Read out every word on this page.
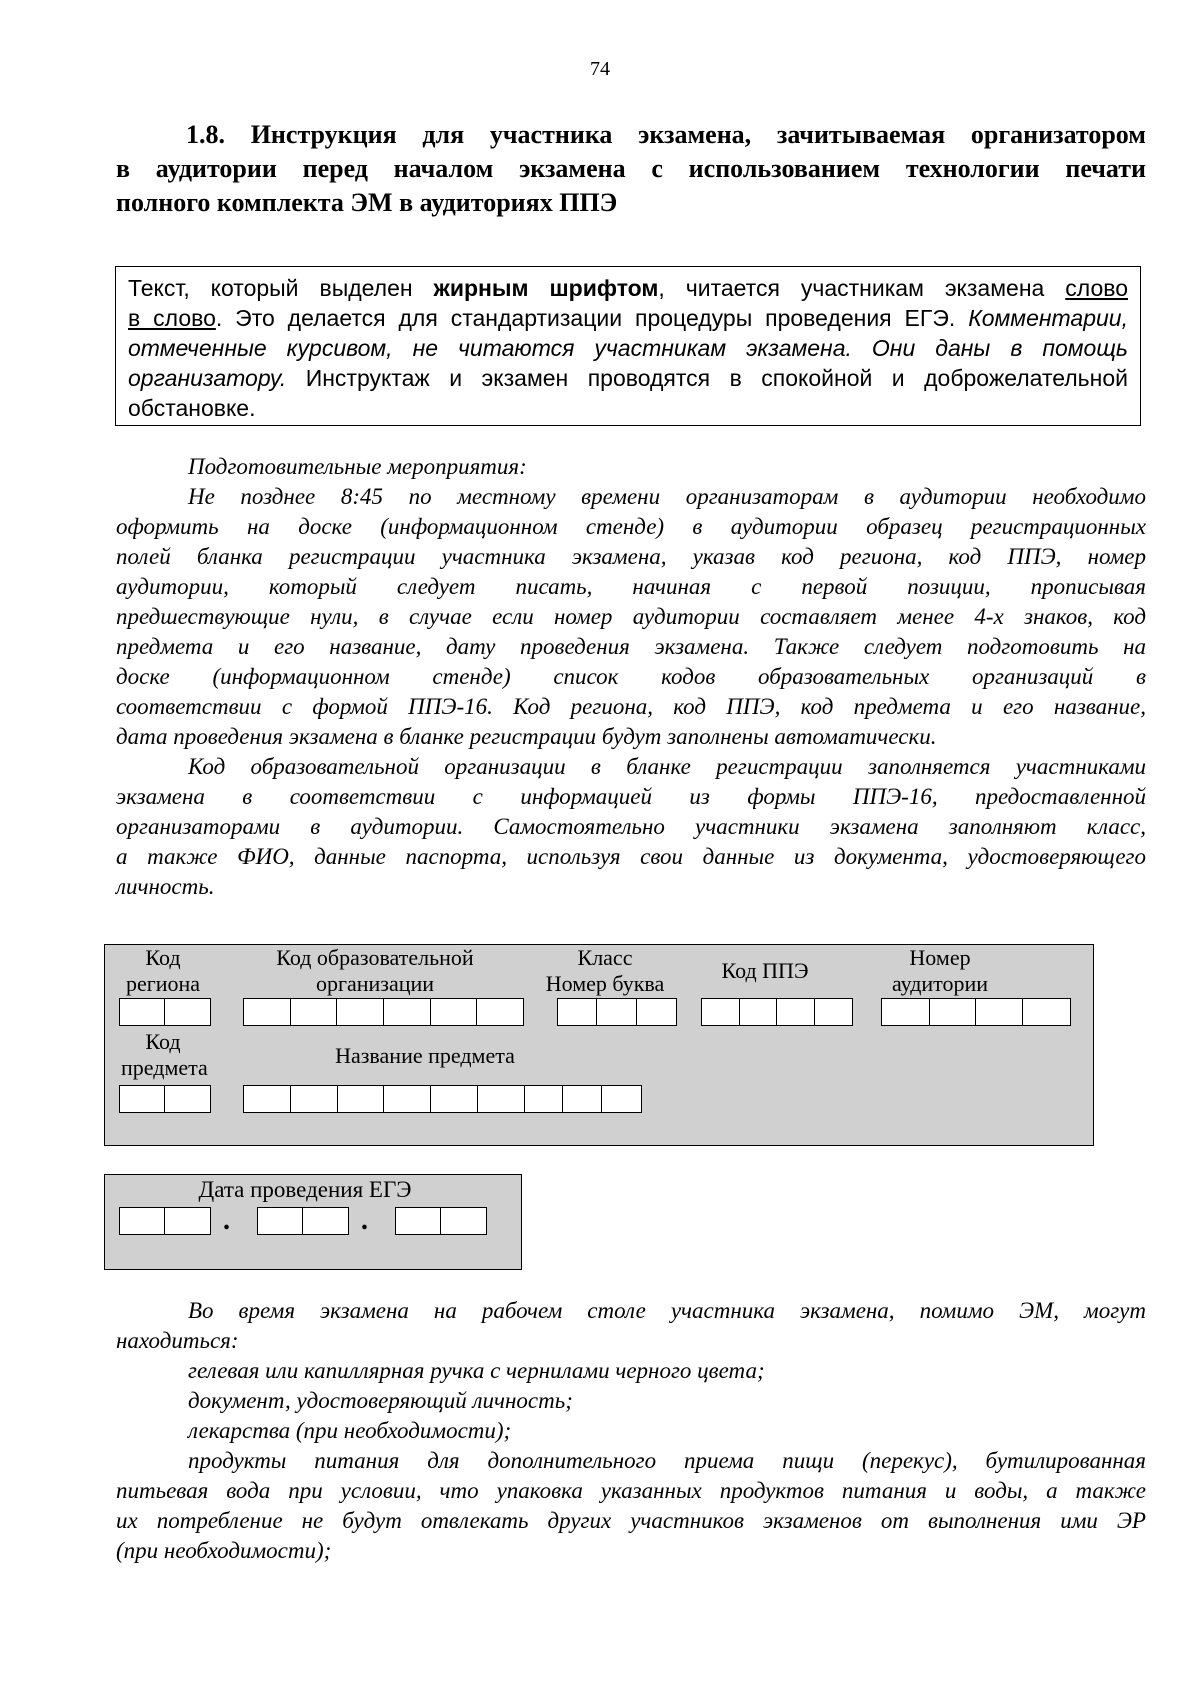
74
1.8. Инструкция для участника экзамена, зачитываемая организатором
в аудитории перед началом экзамена с использованием технологии печати
полного комплекта ЭМ в аудиториях ППЭ
Текст, который выделен жирным шрифтом, читается участникам экзамена слово
в слово. Это делается для стандартизации процедуры проведения ЕГЭ. Комментарии,
отмеченные курсивом, не читаются участникам экзамена. Они даны в помощь
организатору. Инструктаж и экзамен проводятся в спокойной и доброжелательной
обстановке.
Подготовительные мероприятия:
Не позднее 8:45 по местному времени организаторам в аудитории необходимо
оформить на доске (информационном стенде) в аудитории образец регистрационных
полей бланка регистрации участника экзамена, указав код региона, код ППЭ, номер
аудитории, который следует писать, начиная с первой позиции, прописывая
предшествующие нули, в случае если номер аудитории составляет менее 4-х знаков, код
предмета и его название, дату проведения экзамена. Также следует подготовить на
доске (информационном стенде) список кодов образовательных организаций в
соответствии с формой ППЭ-16. Код региона, код ППЭ, код предмета и его название,
дата проведения экзамена в бланке регистрации будут заполнены автоматически.
Код образовательной организации в бланке регистрации заполняется участниками
экзамена в соответствии с информацией из формы ППЭ-16, предоставленной
организаторами в аудитории. Самостоятельно участники экзамена заполняют класс,
а также ФИО, данные паспорта, используя свои данные из документа, удостоверяющего
личность.
Код
региона
Код образовательной
организации
Класс
Номер буква
Код ППЭ
Номер
аудитории
Код
предмета	Название предмета
Дата проведения ЕГЭ
.	.
Во время экзамена на рабочем столе участника экзамена, помимо ЭМ, могут
находиться:
гелевая или капиллярная ручка с чернилами черного цвета;
документ, удостоверяющий личность;
лекарства (при необходимости);
продукты питания для дополнительного приема пищи (перекус), бутилированная
питьевая вода при условии, что упаковка указанных продуктов питания и воды, а также
их потребление не будут отвлекать других участников экзаменов от выполнения ими ЭР
(при необходимости);
